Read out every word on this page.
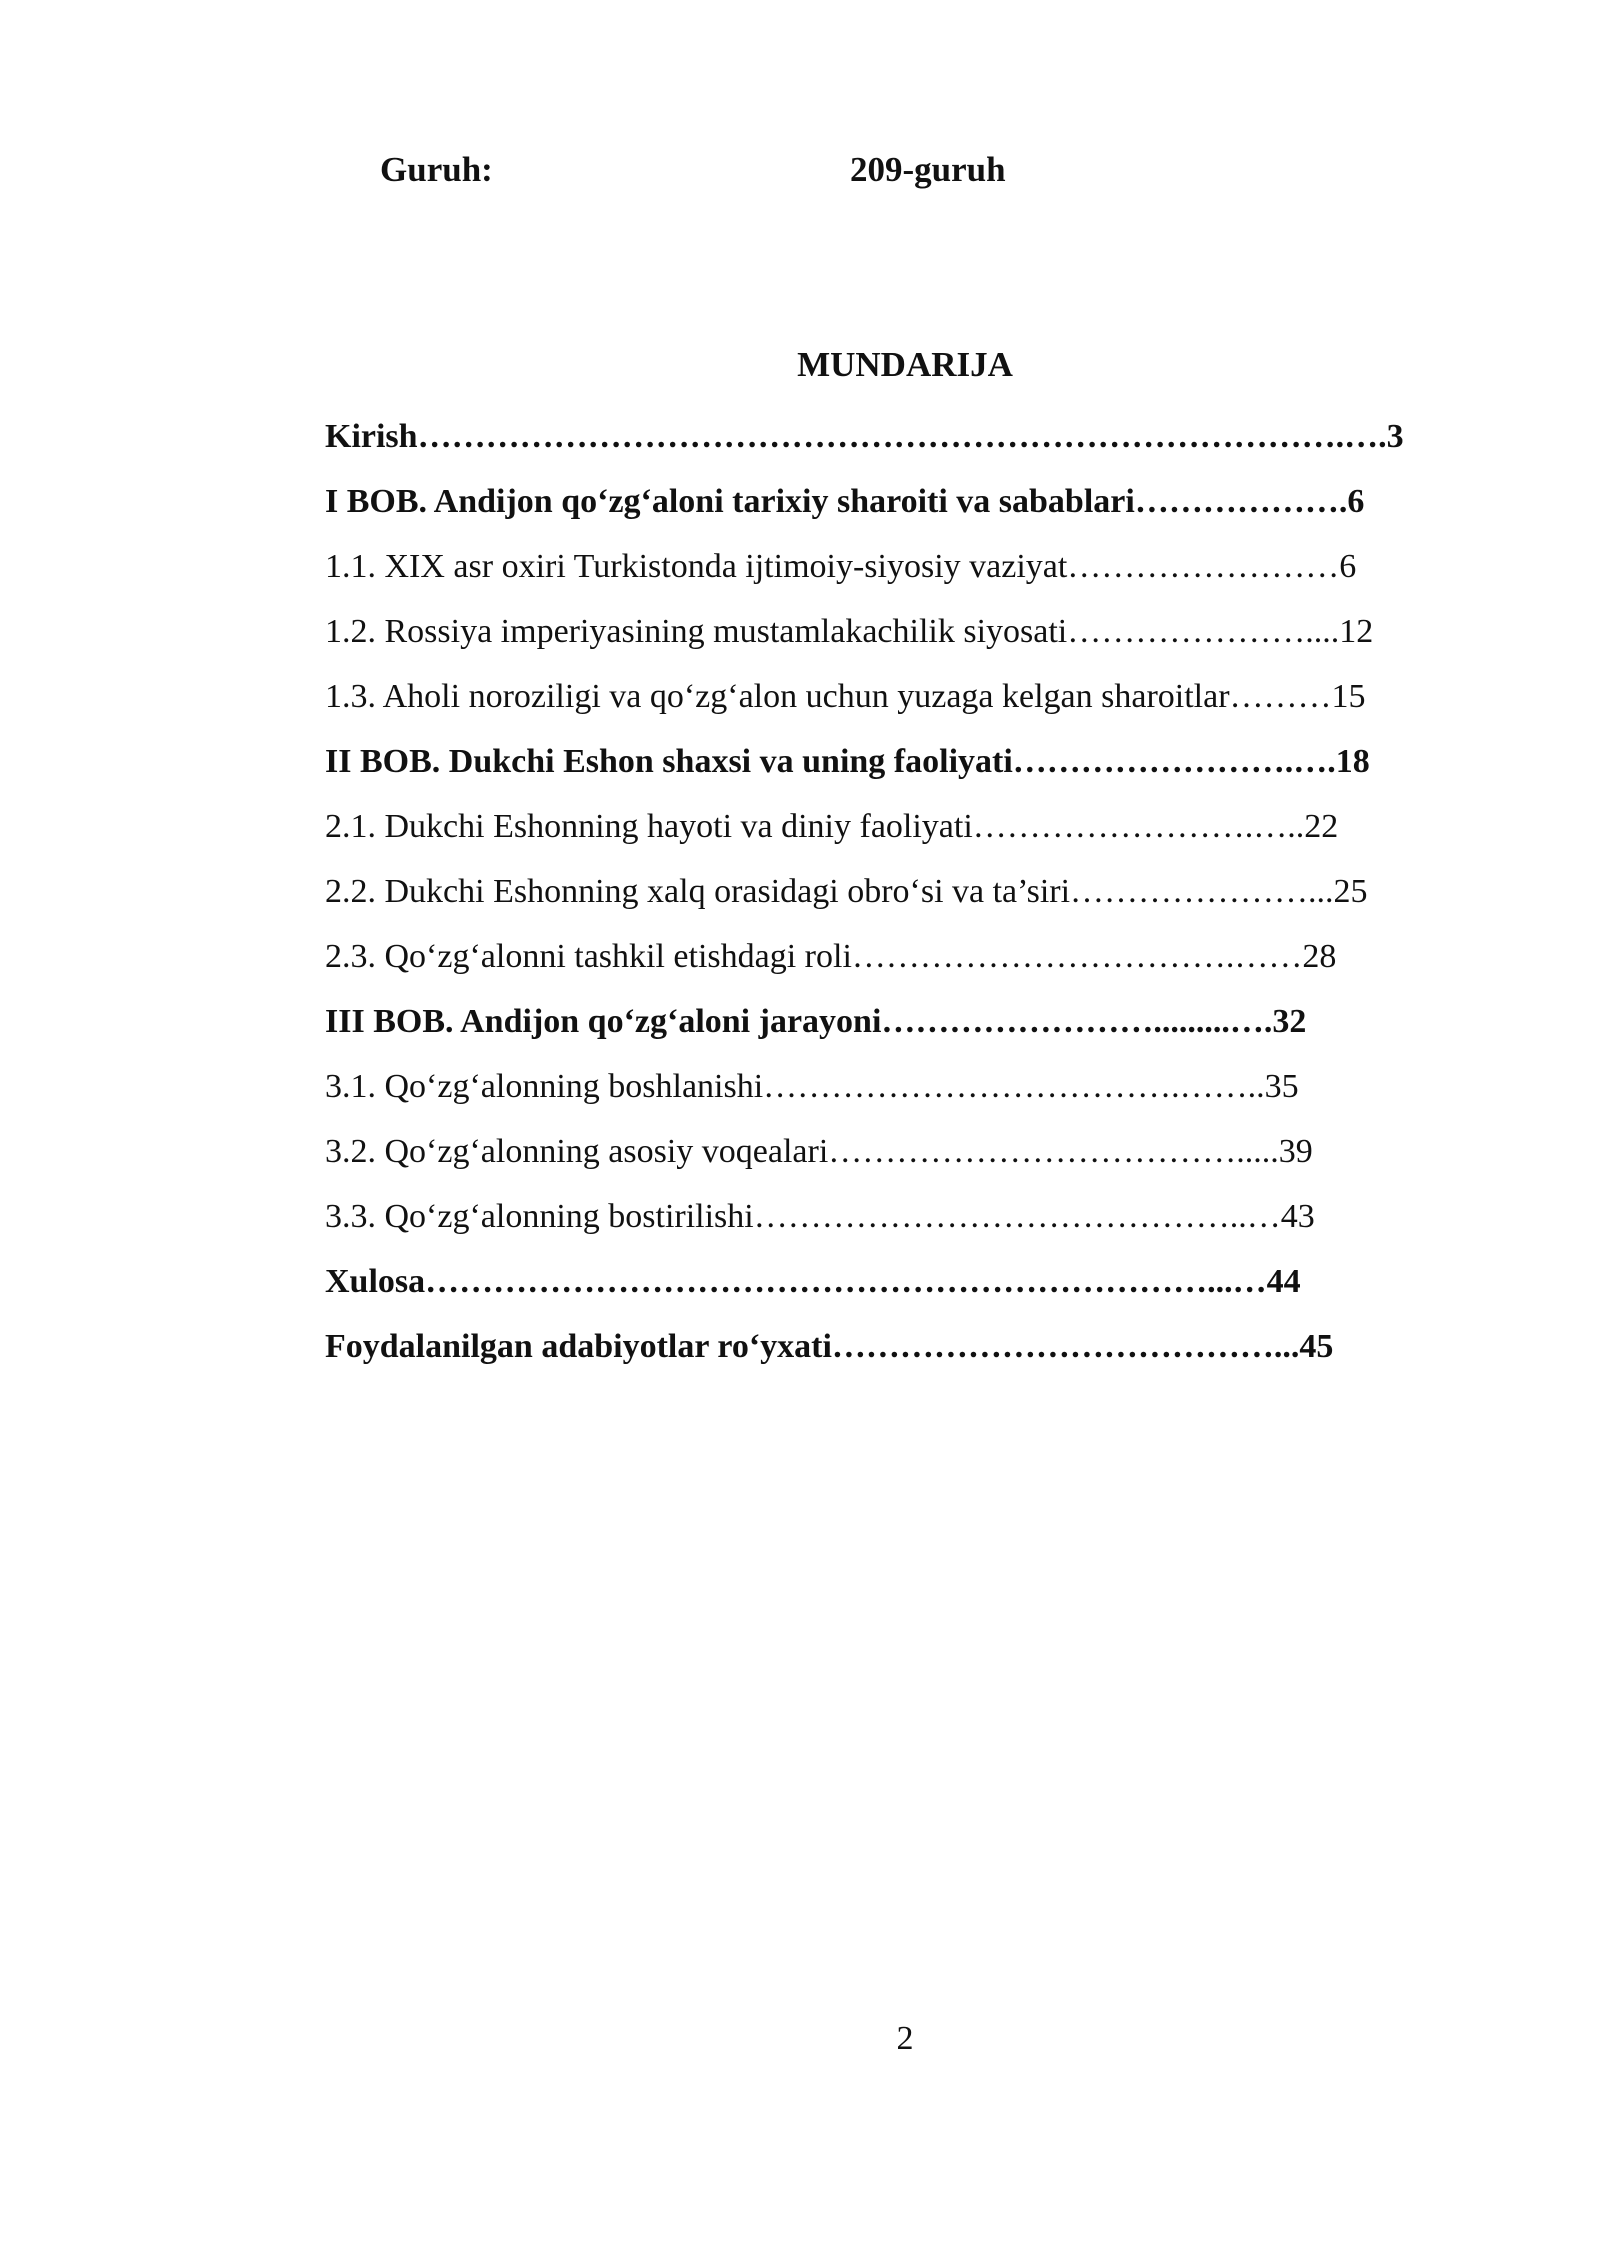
Guruh:	209-guruh
MUNDARIJA
Kirish……………………………………………………………………….….3
I BOB. Andijon qo‘zg‘aloni tarixiy sharoiti va sabablari……………….6
1.1. XIX asr oxiri Turkistonda ijtimoiy-siyosiy vaziyat……………………6
1.2. Rossiya imperiyasining mustamlakachilik siyosati…………………....12
1.3. Aholi noroziligi va qo‘zg‘alon uchun yuzaga kelgan sharoitlar………15
II BOB. Dukchi Eshon shaxsi va uning faoliyati…………………….….18
2.1. Dukchi Eshonning hayoti va diniy faoliyati…………………….…..22
2.2. Dukchi Eshonning xalq orasidagi obro‘si va ta’siri…………………...25
2.3. Qo‘zg‘alonni tashkil etishdagi roli…………………………….……28
III BOB. Andijon qo‘zg‘aloni jarayoni…………………….........….32
3.1. Qo‘zg‘alonning boshlanishi……………………………….……..35
3.2. Qo‘zg‘alonning asosiy voqealari……………………………….....39
3.3. Qo‘zg‘alonning bostirilishi……………………………………..…43
Xulosa……………………………………………………………...…44
Foydalanilgan adabiyotlar ro‘yxati…………………………………...45
2
